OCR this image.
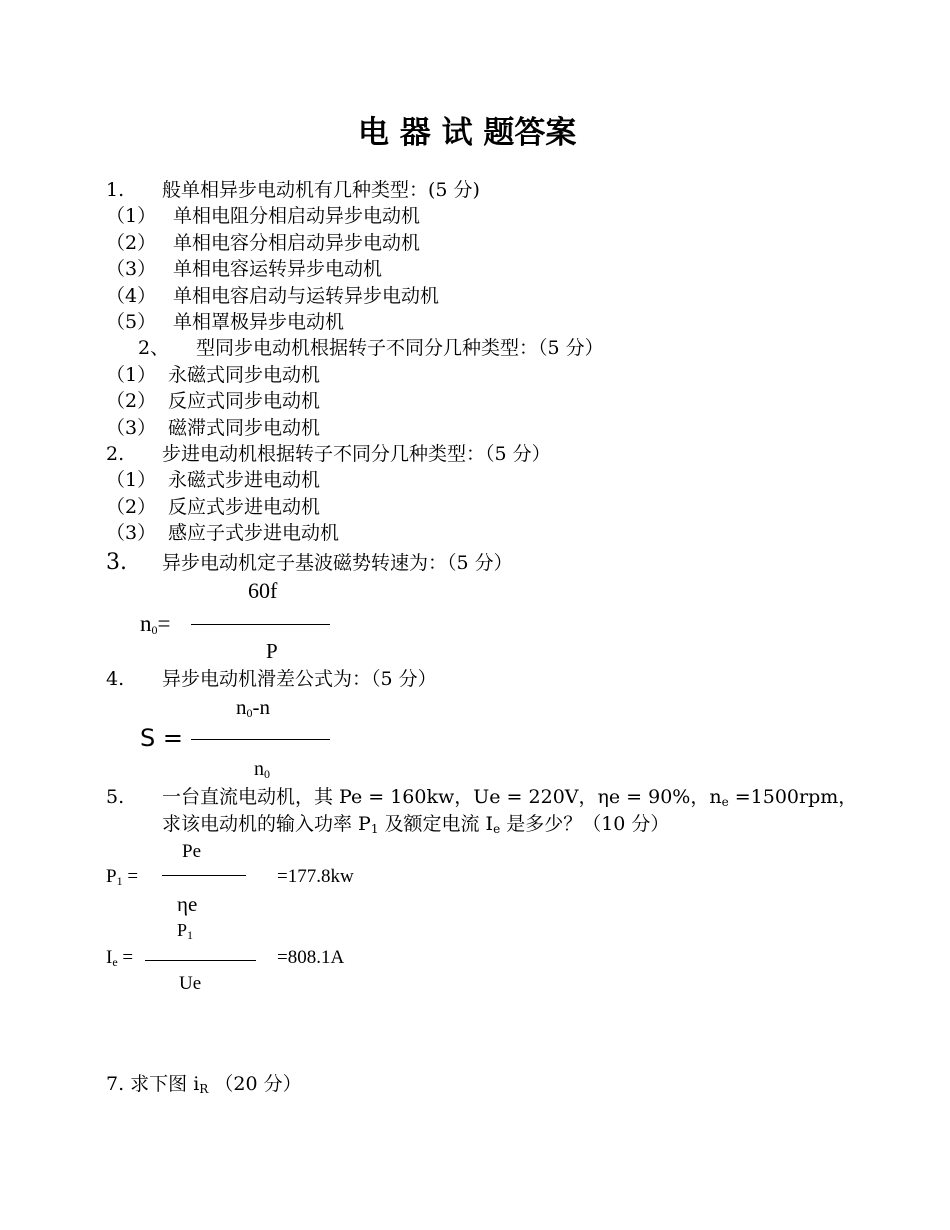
电 器 试 题答案
1. 般单相异步电动机有几种类型：(5 分)
（1） 单相电阻分相启动异步电动机
（2） 单相电容分相启动异步电动机
（3） 单相电容运转异步电动机
（4） 单相电容启动与运转异步电动机
（5） 单相罩极异步电动机
2、 型同步电动机根据转子不同分几种类型：（5 分）
（1） 永磁式同步电动机
（2） 反应式同步电动机
（3） 磁滞式同步电动机
2. 步进电动机根据转子不同分几种类型：（5 分）
（1） 永磁式步进电动机
（2） 反应式步进电动机
（3） 感应子式步进电动机
3. 异步电动机定子基波磁势转速为：（5 分）
60f
$n_0=$
P
4. 异步电动机滑差公式为：（5 分）
$n_0-n$
S =
$n_0$
5. 一台直流电动机，其 Pe = 160kw，Ue = 220V，ηe = 90%，$n_e =1500rpm$，
求该电动机的输入功率 $P_1$ 及额定电流 $I_e$ 是多少？（10 分）
Pe
$P_1$ =	=177.8kw
ηe
$P_1$
$I_e$ =	=808.1A
Ue
7. 求下图 $i_R$ （20 分）
